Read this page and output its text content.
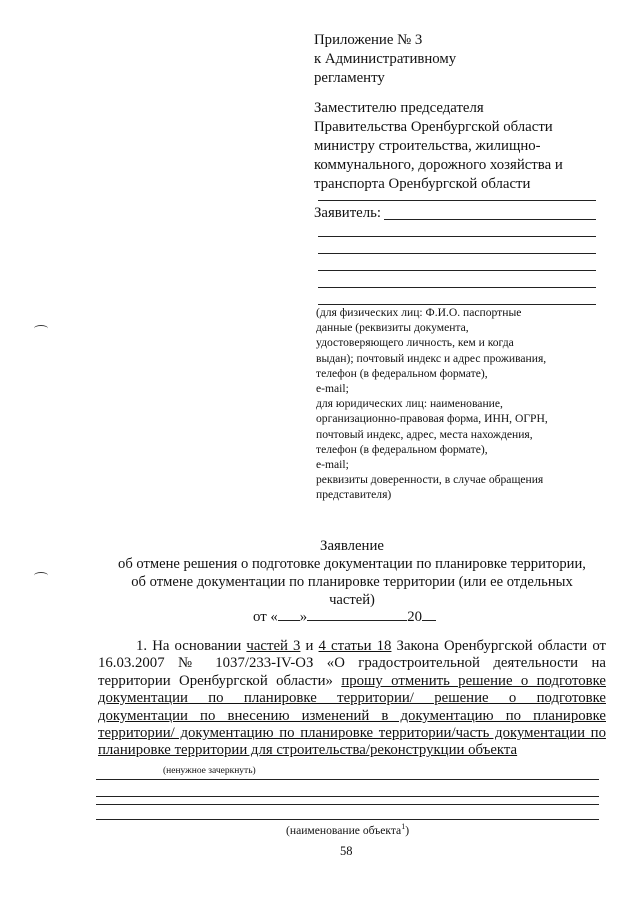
Приложение № 3
к Административному
регламенту
Заместителю председателя
Правительства Оренбургской области
министру строительства, жилищно-
коммунального, дорожного хозяйства и
транспорта Оренбургской области
Заявитель:
(для физических лиц: Ф.И.О. паспортные
данные (реквизиты документа,
удостоверяющего личность, кем и когда
выдан); почтовый индекс и адрес проживания,
телефон (в федеральном формате),
e-mail;
для юридических лиц: наименование,
организационно-правовая форма, ИНН, ОГРН,
почтовый индекс, адрес, места нахождения,
телефон (в федеральном формате),
e-mail;
реквизиты доверенности, в случае обращения
представителя)
Заявление
об отмене решения о подготовке документации по планировке территории,
об отмене документации по планировке территории (или ее отдельных
частей)
от « »	20
1. На основании частей 3 и 4 статьи 18 Закона Оренбургской области от
16.03.2007 № 1037/233-IV-ОЗ «О градостроительной деятельности на
территории Оренбургской области» прошу отменить решение о подготовке
документации по планировке территории/ решение о подготовке
документации по внесению изменений в документацию по планировке
территории/ документацию по планировке территории/часть документации по
планировке территории для строительства/реконструкции объекта
(ненужное зачеркнуть)
(наименование объекта$^1$)
58
